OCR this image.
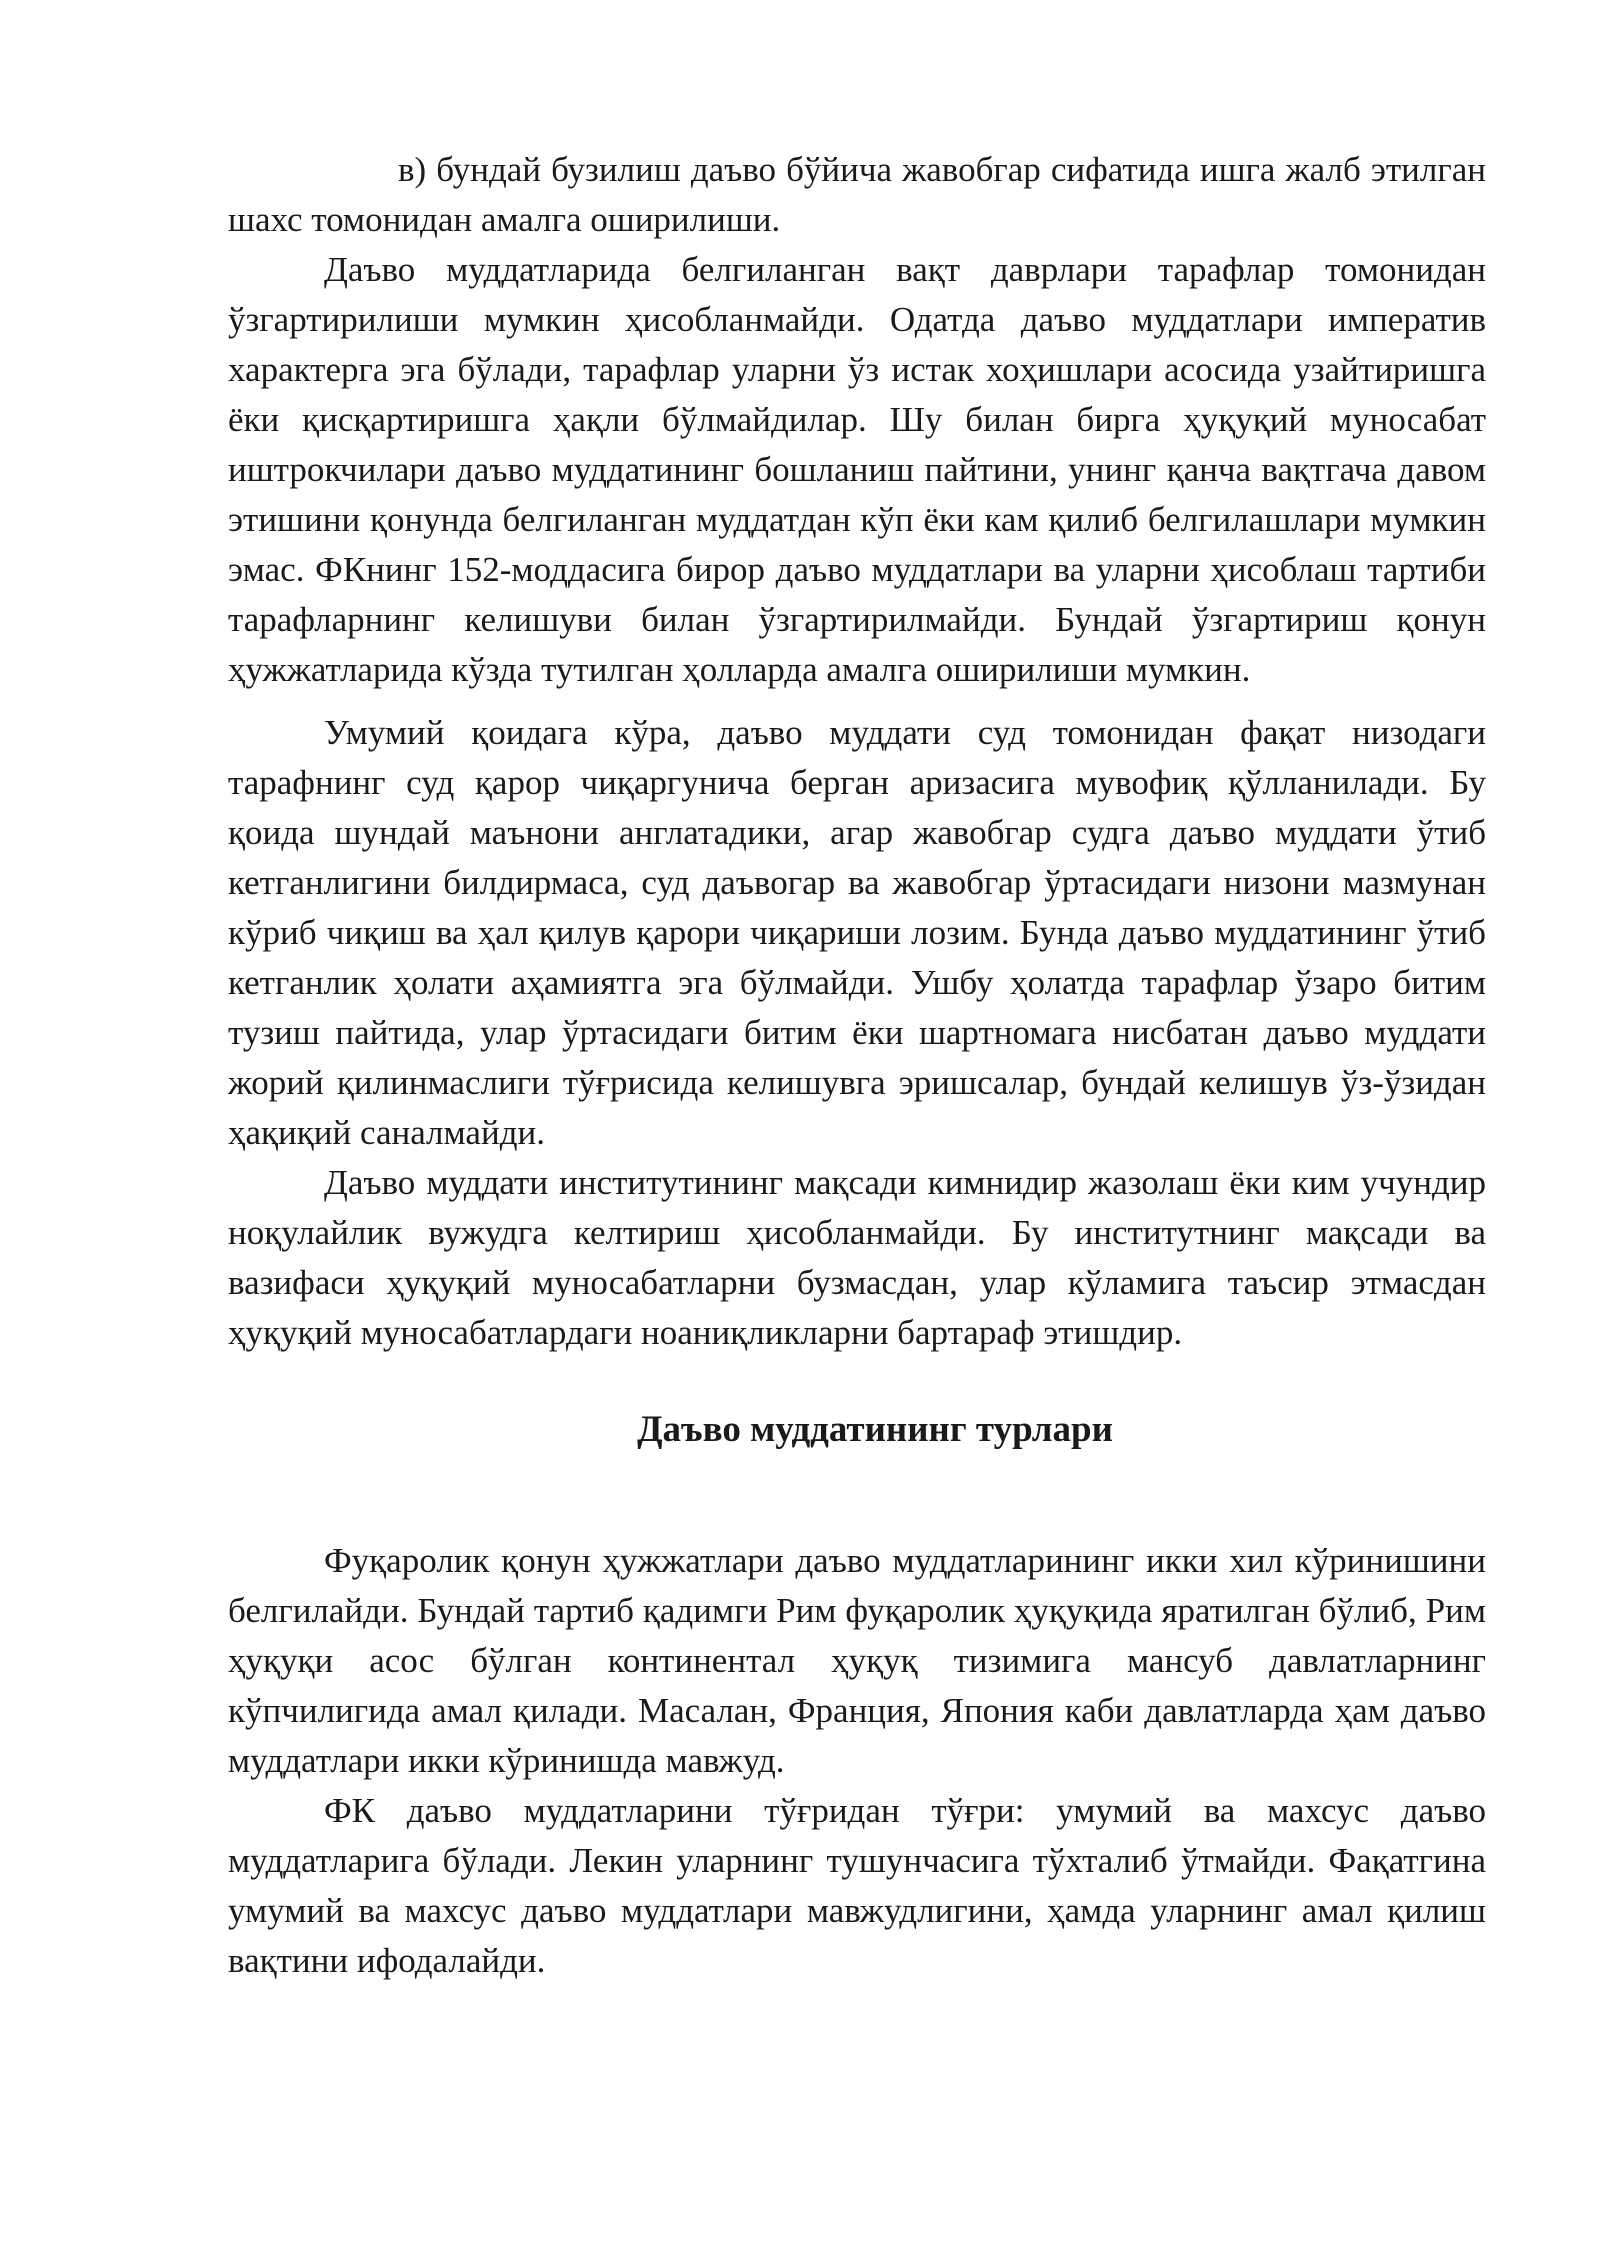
в) бундай бузилиш даъво бўйича жавобгар сифатида ишга жалб этилган шахс томонидан амалга оширилиши.

Даъво муддатларида белгиланган вақт даврлари тарафлар томонидан ўзгартирилиши мумкин ҳисобланмайди. Одатда даъво муддатлари императив характерга эга бўлади, тарафлар уларни ўз истак хоҳишлари асосида узайтиришга ёки қисқартиришга ҳақли бўлмайдилар. Шу билан бирга ҳуқуқий муносабат иштрокчилари даъво муддатининг бошланиш пайтини, унинг қанча вақтгача давом этишини қонунда белгиланган муддатдан кўп ёки кам қилиб белгилашлари мумкин эмас. ФКнинг 152-моддасига бирор даъво муддатлари ва уларни ҳисоблаш тартиби тарафларнинг келишуви билан ўзгартирилмайди. Бундай ўзгартириш қонун ҳужжатларида кўзда тутилган ҳолларда амалга оширилиши мумкин.

Умумий қоидага кўра, даъво муддати суд томонидан фақат низодаги тарафнинг суд қарор чиқаргунича берган аризасига мувофиқ қўлланилади. Бу қоида шундай маънони англатадики, агар жавобгар судга даъво муддати ўтиб кетганлигини билдирмаса, суд даъвогар ва жавобгар ўртасидаги низони мазмунан кўриб чиқиш ва ҳал қилув қарори чиқариши лозим. Бунда даъво муддатининг ўтиб кетганлик ҳолати аҳамиятга эга бўлмайди. Ушбу ҳолатда тарафлар ўзаро битим тузиш пайтида, улар ўртасидаги битим ёки шартномага нисбатан даъво муддати жорий қилинмаслиги тўғрисида келишувга эришсалар, бундай келишув ўз-ўзидан ҳақиқий саналмайди.

Даъво муддати институтининг мақсади кимнидир жазолаш ёки ким учундир ноқулайлик вужудга келтириш ҳисобланмайди. Бу институтнинг мақсади ва вазифаси ҳуқуқий муносабатларни бузмасдан, улар кўламига таъсир этмасдан ҳуқуқий муносабатлардаги ноаниқликларни бартараф этишдир.

Даъво муддатининг турлари

Фуқаролик қонун ҳужжатлари даъво муддатларининг икки хил кўринишини белгилайди. Бундай тартиб қадимги Рим фуқаролик ҳуқуқида яратилган бўлиб, Рим ҳуқуқи асос бўлган континентал ҳуқуқ тизимига мансуб давлатларнинг кўпчилигида амал қилади. Масалан, Франция, Япония каби давлатларда ҳам даъво муддатлари икки кўринишда мавжуд.

ФК даъво муддатларини тўғридан тўғри: умумий ва махсус даъво муддатларига бўлади. Лекин уларнинг тушунчасига тўхталиб ўтмайди. Фақатгина умумий ва махсус даъво муддатлари мавжудлигини, ҳамда уларнинг амал қилиш вақтини ифодалайди.
